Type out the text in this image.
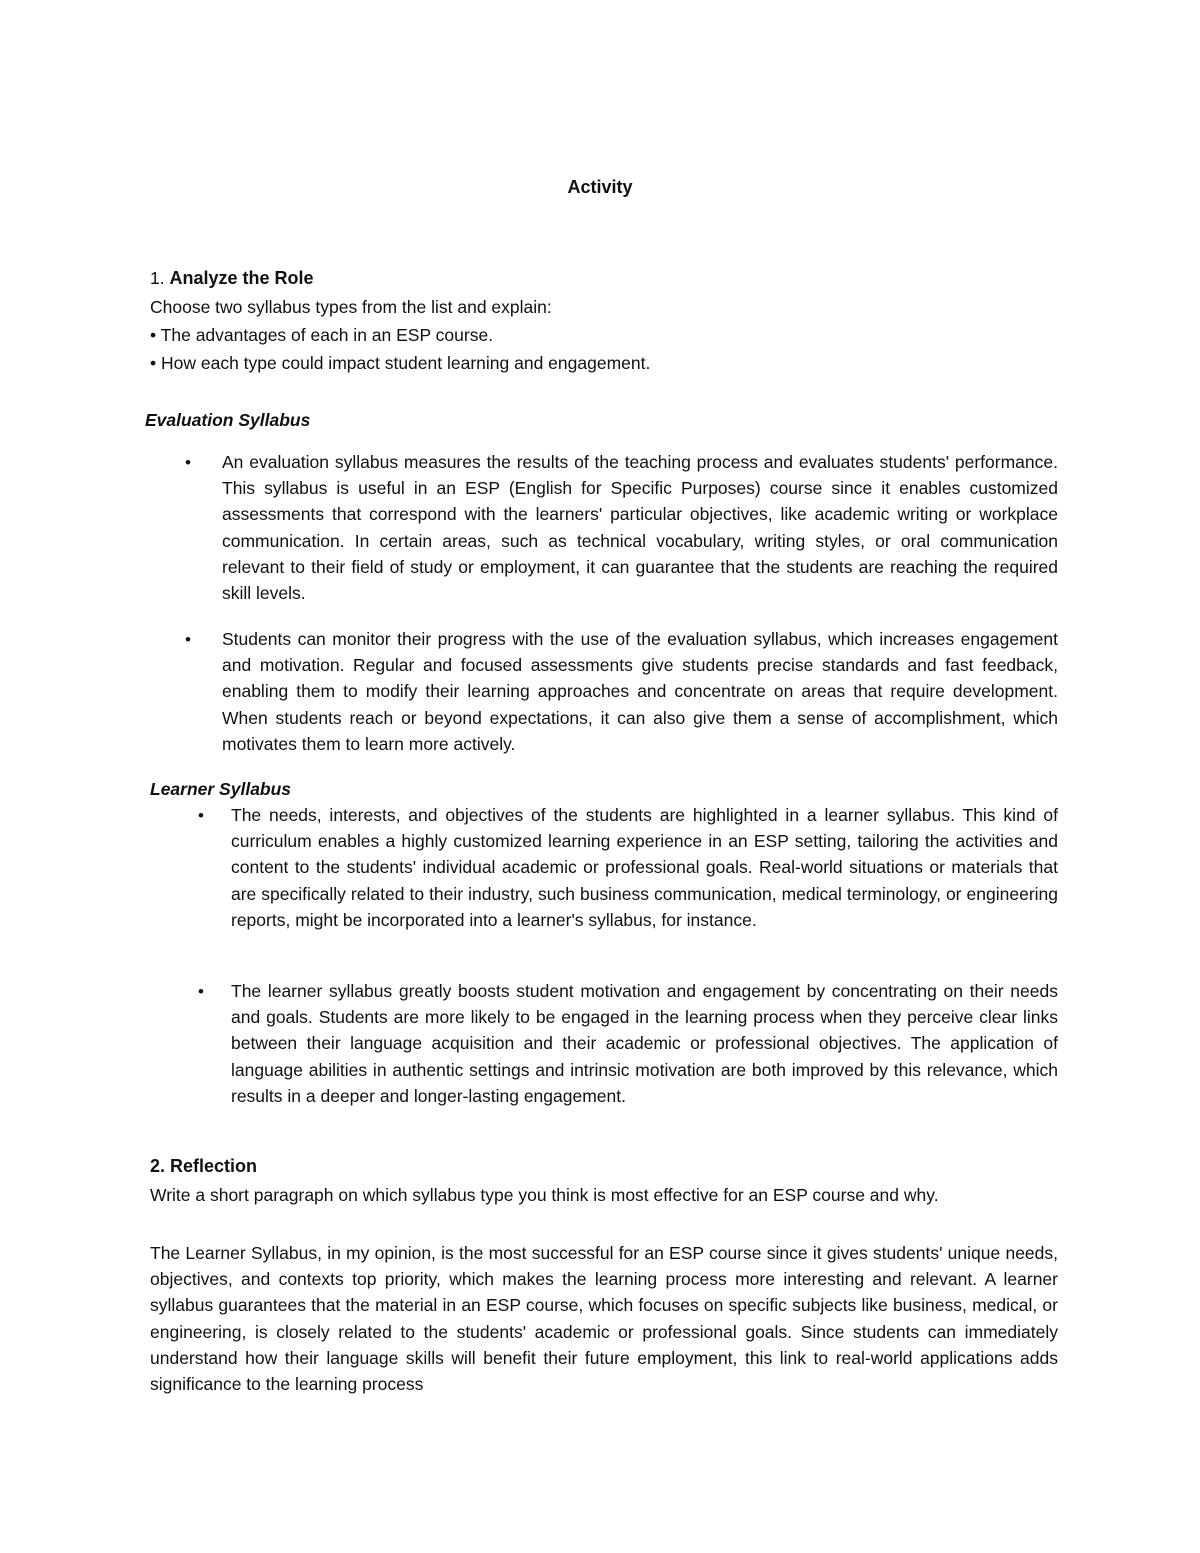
Activity
1. Analyze the Role
Choose two syllabus types from the list and explain:
• The advantages of each in an ESP course.
• How each type could impact student learning and engagement.
Evaluation Syllabus
• An evaluation syllabus measures the results of the teaching process and evaluates students' performance. This syllabus is useful in an ESP (English for Specific Purposes) course since it enables customized assessments that correspond with the learners' particular objectives, like academic writing or workplace communication. In certain areas, such as technical vocabulary, writing styles, or oral communication relevant to their field of study or employment, it can guarantee that the students are reaching the required skill levels.
• Students can monitor their progress with the use of the evaluation syllabus, which increases engagement and motivation. Regular and focused assessments give students precise standards and fast feedback, enabling them to modify their learning approaches and concentrate on areas that require development. When students reach or beyond expectations, it can also give them a sense of accomplishment, which motivates them to learn more actively.
Learner Syllabus
• The needs, interests, and objectives of the students are highlighted in a learner syllabus. This kind of curriculum enables a highly customized learning experience in an ESP setting, tailoring the activities and content to the students' individual academic or professional goals. Real-world situations or materials that are specifically related to their industry, such business communication, medical terminology, or engineering reports, might be incorporated into a learner's syllabus, for instance.
• The learner syllabus greatly boosts student motivation and engagement by concentrating on their needs and goals. Students are more likely to be engaged in the learning process when they perceive clear links between their language acquisition and their academic or professional objectives. The application of language abilities in authentic settings and intrinsic motivation are both improved by this relevance, which results in a deeper and longer-lasting engagement.
2. Reflection
Write a short paragraph on which syllabus type you think is most effective for an ESP course and why.
The Learner Syllabus, in my opinion, is the most successful for an ESP course since it gives students' unique needs, objectives, and contexts top priority, which makes the learning process more interesting and relevant. A learner syllabus guarantees that the material in an ESP course, which focuses on specific subjects like business, medical, or engineering, is closely related to the students' academic or professional goals. Since students can immediately understand how their language skills will benefit their future employment, this link to real-world applications adds significance to the learning process
